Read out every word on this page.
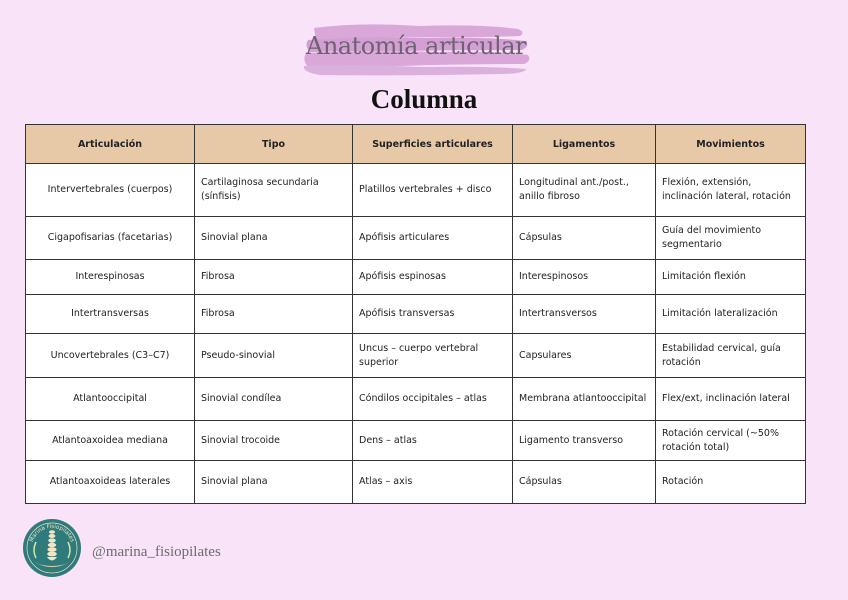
Anatomía articular
Columna
Articulación	Tipo	Superficies articulares	Ligamentos	Movimientos
Intervertebrales (cuerpos)	Cartilaginosa secundaria (sínfisis)	Platillos vertebrales + disco	Longitudinal ant./post., anillo fibroso	Flexión, extensión, inclinación lateral, rotación
Cigapofisarias (facetarias)	Sinovial plana	Apófisis articulares	Cápsulas	Guía del movimiento segmentario
Interespinosas	Fibrosa	Apófisis espinosas	Interespinosos	Limitación flexión
Intertransversas	Fibrosa	Apófisis transversas	Intertransversos	Limitación lateralización
Uncovertebrales (C3–C7)	Pseudo-sinovial	Uncus – cuerpo vertebral superior	Capsulares	Estabilidad cervical, guía rotación
Atlantooccipital	Sinovial condílea	Cóndilos occipitales – atlas	Membrana atlantooccipital	Flex/ext, inclinación lateral
Atlantoaxoidea mediana	Sinovial trocoide	Dens – atlas	Ligamento transverso	Rotación cervical (~50% rotación total)
Atlantoaxoideas laterales	Sinovial plana	Atlas – axis	Cápsulas	Rotación
Marina Fisiopilates
@marina_fisiopilates
